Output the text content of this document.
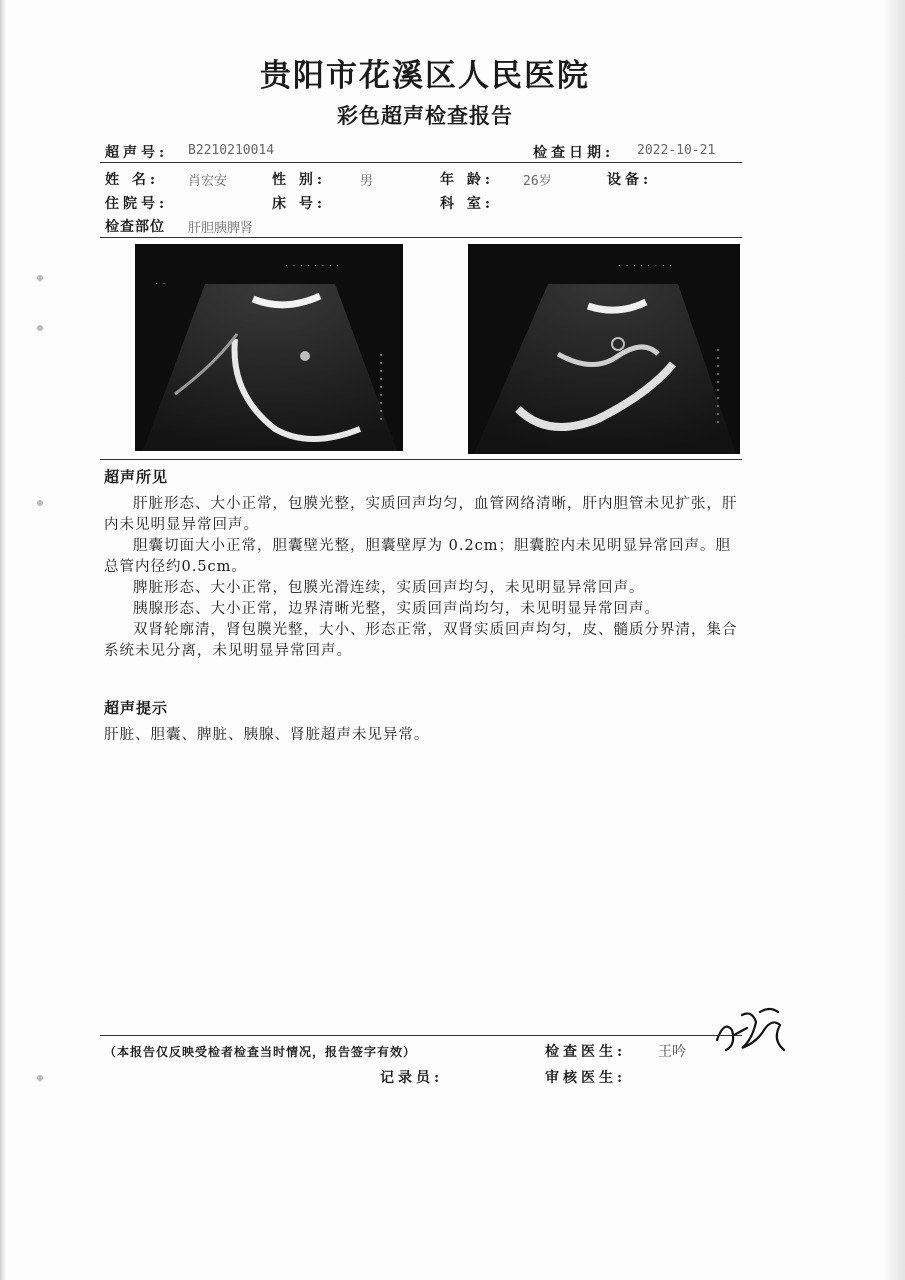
贵阳市花溪区人民医院
彩色超声检查报告
超声号: B2210210014	检查日期: 2022-10-21
姓 名: 肖宏安	性 别:	男	年 龄: 26岁	设备:
住院号:	床 号:	科 室:
检查部位 肝胆胰脾肾
. . . . . . . .
. .
. . . . . . . .
超声所见

肝脏形态、大小正常，包膜光整，实质回声均匀，血管网络清晰，肝内胆管未见扩张，肝内未见明显异常回声。

胆囊切面大小正常，胆囊壁光整，胆囊壁厚为 0.2cm；胆囊腔内未见明显异常回声。胆总管内径约0.5cm。

脾脏形态、大小正常，包膜光滑连续，实质回声均匀，未见明显异常回声。

胰腺形态、大小正常，边界清晰光整，实质回声尚均匀，未见明显异常回声。

双肾轮廓清，肾包膜光整，大小、形态正常，双肾实质回声均匀，皮、髓质分界清，集合系统未见分离，未见明显异常回声。

超声提示
肝脏、胆囊、脾脏、胰腺、肾脏超声未见异常。
（本报告仅反映受检者检查当时情况，报告签字有效）	检查医生: 王吟
记录员:	审核医生:
